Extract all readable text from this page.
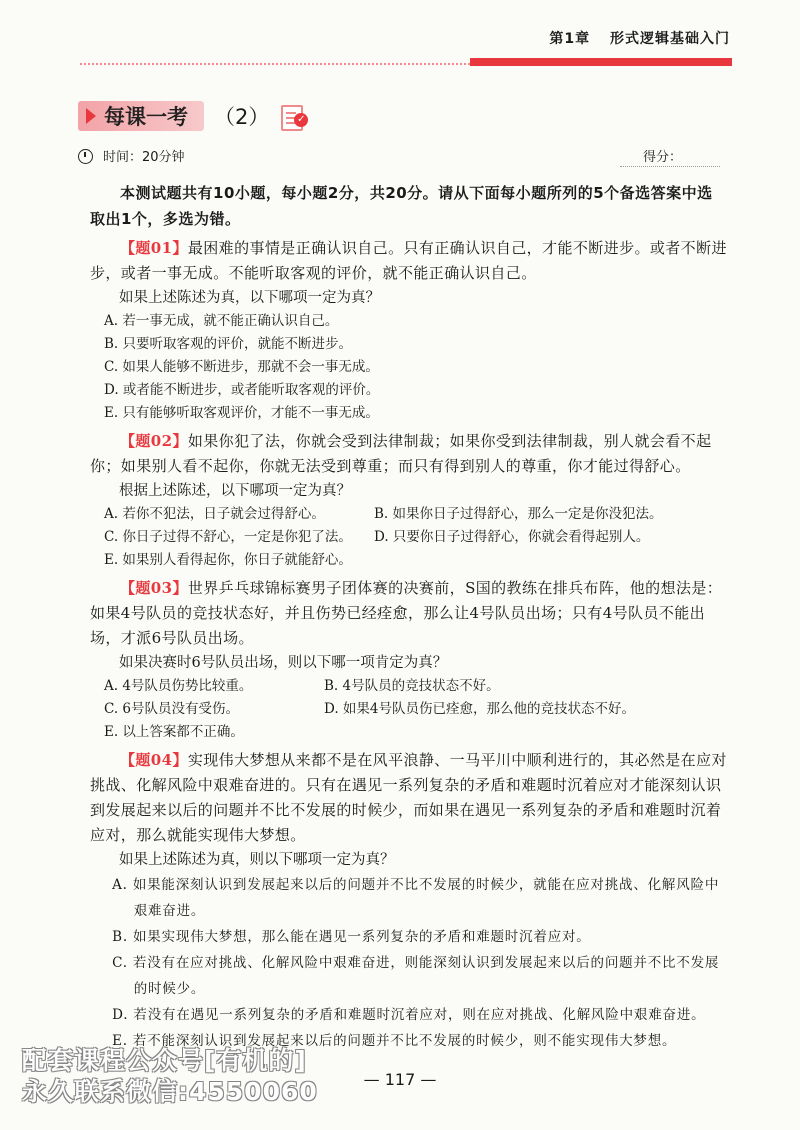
第1章 形式逻辑基础入门
每课一考 （2）	✓
时间：20分钟	得分：

本测试题共有10小题，每小题2分，共20分。请从下面每小题所列的5个备选答案中选取出1个，多选为错。

【题01】最困难的事情是正确认识自己。只有正确认识自己，才能不断进步。或者不断进步，或者一事无成。不能听取客观的评价，就不能正确认识自己。

如果上述陈述为真，以下哪项一定为真？

A. 若一事无成，就不能正确认识自己。
B. 只要听取客观的评价，就能不断进步。
C. 如果人能够不断进步，那就不会一事无成。
D. 或者能不断进步，或者能听取客观的评价。
E. 只有能够听取客观评价，才能不一事无成。

【题02】如果你犯了法，你就会受到法律制裁；如果你受到法律制裁，别人就会看不起你；如果别人看不起你，你就无法受到尊重；而只有得到别人的尊重，你才能过得舒心。

根据上述陈述，以下哪项一定为真？

A. 若你不犯法，日子就会过得舒心。	B. 如果你日子过得舒心，那么一定是你没犯法。
C. 你日子过得不舒心，一定是你犯了法。	D. 只要你日子过得舒心，你就会看得起别人。
E. 如果别人看得起你，你日子就能舒心。

【题03】世界乒乓球锦标赛男子团体赛的决赛前，S国的教练在排兵布阵，他的想法是：如果4号队员的竞技状态好，并且伤势已经痊愈，那么让4号队员出场；只有4号队员不能出场，才派6号队员出场。

如果决赛时6号队员出场，则以下哪一项肯定为真？

A. 4号队员伤势比较重。	B. 4号队员的竞技状态不好。
C. 6号队员没有受伤。	D. 如果4号队员伤已痊愈，那么他的竞技状态不好。
E. 以上答案都不正确。

【题04】实现伟大梦想从来都不是在风平浪静、一马平川中顺利进行的，其必然是在应对挑战、化解风险中艰难奋进的。只有在遇见一系列复杂的矛盾和难题时沉着应对才能深刻认识到发展起来以后的问题并不比不发展的时候少，而如果在遇见一系列复杂的矛盾和难题时沉着应对，那么就能实现伟大梦想。

如果上述陈述为真，则以下哪项一定为真？

A. 如果能深刻认识到发展起来以后的问题并不比不发展的时候少，就能在应对挑战、化解风险中艰难奋进。
B. 如果实现伟大梦想，那么能在遇见一系列复杂的矛盾和难题时沉着应对。
C. 若没有在应对挑战、化解风险中艰难奋进，则能深刻认识到发展起来以后的问题并不比不发展的时候少。
D. 若没有在遇见一系列复杂的矛盾和难题时沉着应对，则在应对挑战、化解风险中艰难奋进。
E. 若不能深刻认识到发展起来以后的问题并不比不发展的时候少，则不能实现伟大梦想。
— 117 —
配套课程公众号[有机的]
永久联系微信:4550060
